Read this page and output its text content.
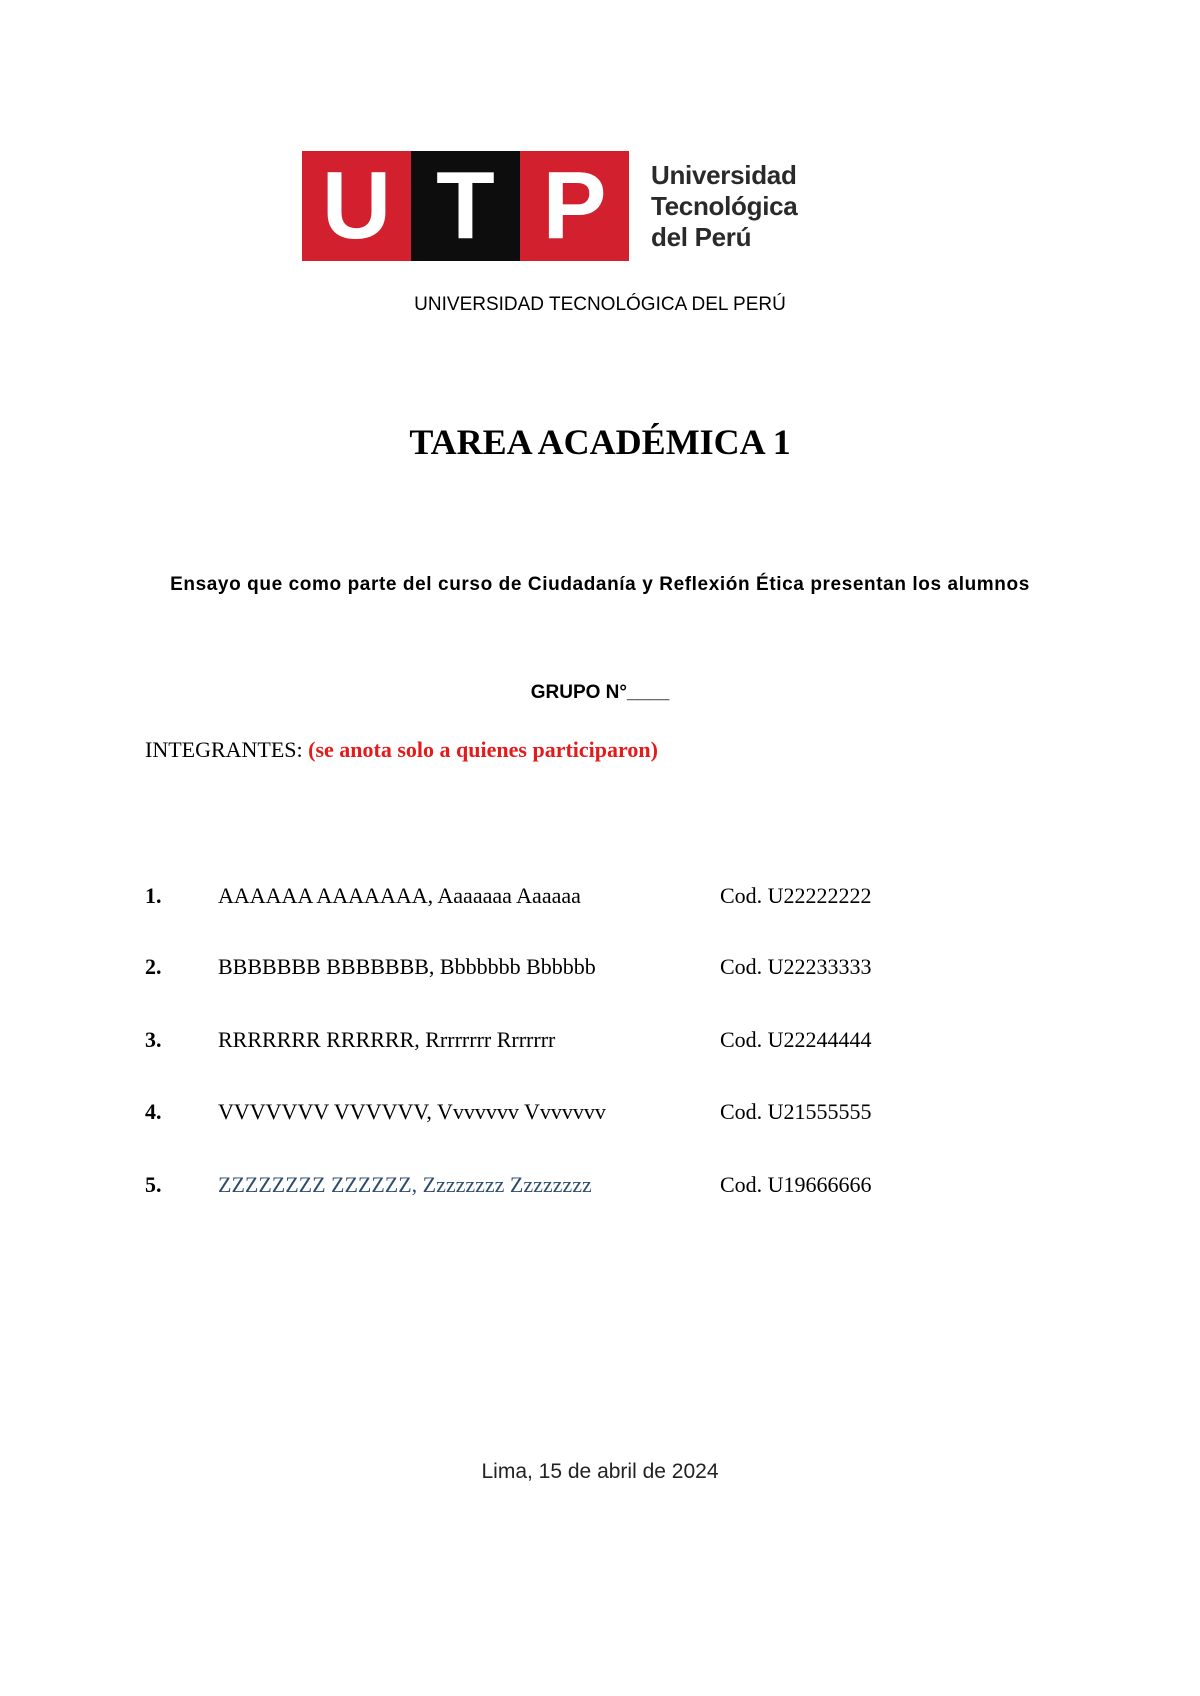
U T P	Universidad
Tecnológica
del Perú
UNIVERSIDAD TECNOLÓGICA DEL PERÚ
TAREA ACADÉMICA 1
Ensayo que como parte del curso de Ciudadanía y Reflexión Ética presentan los alumnos
GRUPO N°____
INTEGRANTES: (se anota solo a quienes participaron)
1.	AAAAAA AAAAAAA, Aaaaaaa Aaaaaa	Cod. U22222222
2.	BBBBBBB BBBBBBB, Bbbbbbb Bbbbbb	Cod. U22233333
3.	RRRRRRR RRRRRR, Rrrrrrrr Rrrrrrr	Cod. U22244444
4.	VVVVVVV VVVVVV, Vvvvvvv Vvvvvvv	Cod. U21555555
5.	ZZZZZZZZ ZZZZZZ, Zzzzzzzz Zzzzzzzz	Cod. U19666666
Lima, 15 de abril de 2024
